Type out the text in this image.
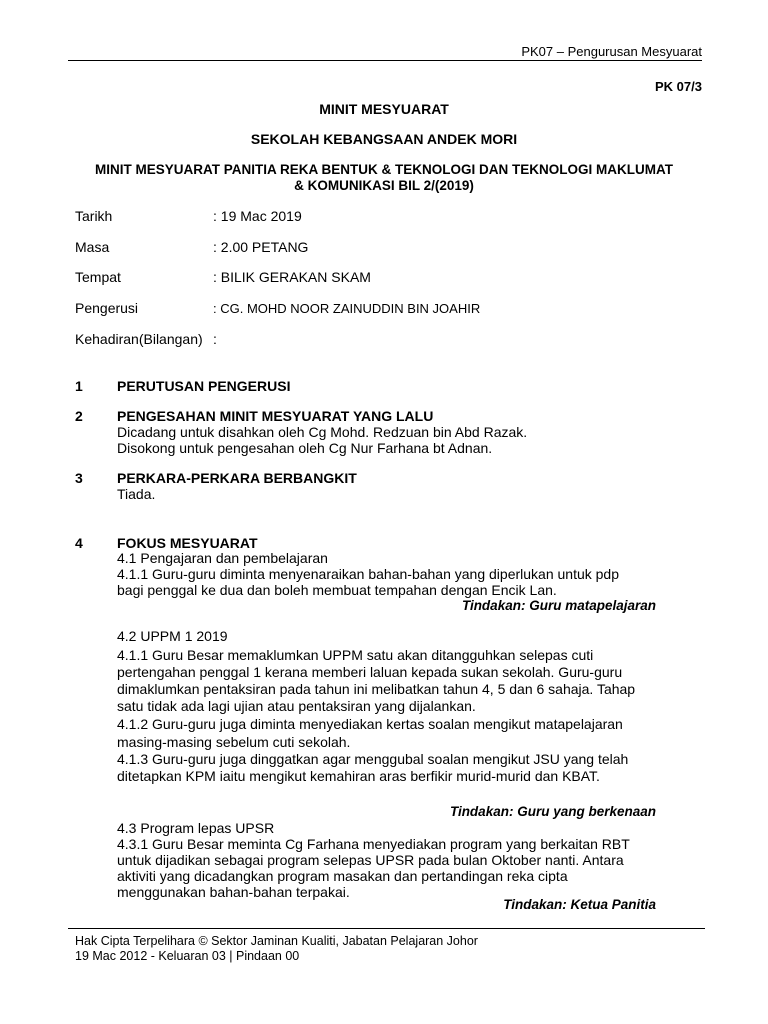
PK07 – Pengurusan Mesyuarat
PK 07/3
MINIT MESYUARAT
SEKOLAH KEBANGSAAN ANDEK MORI
MINIT MESYUARAT PANITIA REKA BENTUK & TEKNOLOGI DAN TEKNOLOGI MAKLUMAT
& KOMUNIKASI BIL 2/(2019)
Tarikh	: 19 Mac 2019
Masa	: 2.00 PETANG
Tempat	: BILIK GERAKAN SKAM
Pengerusi	: CG. MOHD NOOR ZAINUDDIN BIN JOAHIR
Kehadiran(Bilangan) :
1 PERUTUSAN PENGERUSI
2 PENGESAHAN MINIT MESYUARAT YANG LALU
Dicadang untuk disahkan oleh Cg Mohd. Redzuan bin Abd Razak.
Disokong untuk pengesahan oleh Cg Nur Farhana bt Adnan.
3 PERKARA-PERKARA BERBANGKIT
Tiada.
4 FOKUS MESYUARAT
4.1 Pengajaran dan pembelajaran
4.1.1 Guru-guru diminta menyenaraikan bahan-bahan yang diperlukan untuk pdp
bagi penggal ke dua dan boleh membuat tempahan dengan Encik Lan.
Tindakan: Guru matapelajaran
4.2 UPPM 1 2019
4.1.1 Guru Besar memaklumkan UPPM satu akan ditangguhkan selepas cuti
pertengahan penggal 1 kerana memberi laluan kepada sukan sekolah. Guru-guru
dimaklumkan pentaksiran pada tahun ini melibatkan tahun 4, 5 dan 6 sahaja. Tahap
satu tidak ada lagi ujian atau pentaksiran yang dijalankan.
4.1.2 Guru-guru juga diminta menyediakan kertas soalan mengikut matapelajaran
masing-masing sebelum cuti sekolah.
4.1.3 Guru-guru juga dinggatkan agar menggubal soalan mengikut JSU yang telah
ditetapkan KPM iaitu mengikut kemahiran aras berfikir murid-murid dan KBAT.
Tindakan: Guru yang berkenaan
4.3 Program lepas UPSR
4.3.1 Guru Besar meminta Cg Farhana menyediakan program yang berkaitan RBT
untuk dijadikan sebagai program selepas UPSR pada bulan Oktober nanti. Antara
aktiviti yang dicadangkan program masakan dan pertandingan reka cipta
menggunakan bahan-bahan terpakai.
Tindakan: Ketua Panitia
Hak Cipta Terpelihara © Sektor Jaminan Kualiti, Jabatan Pelajaran Johor
19 Mac 2012 - Keluaran 03 | Pindaan 00
